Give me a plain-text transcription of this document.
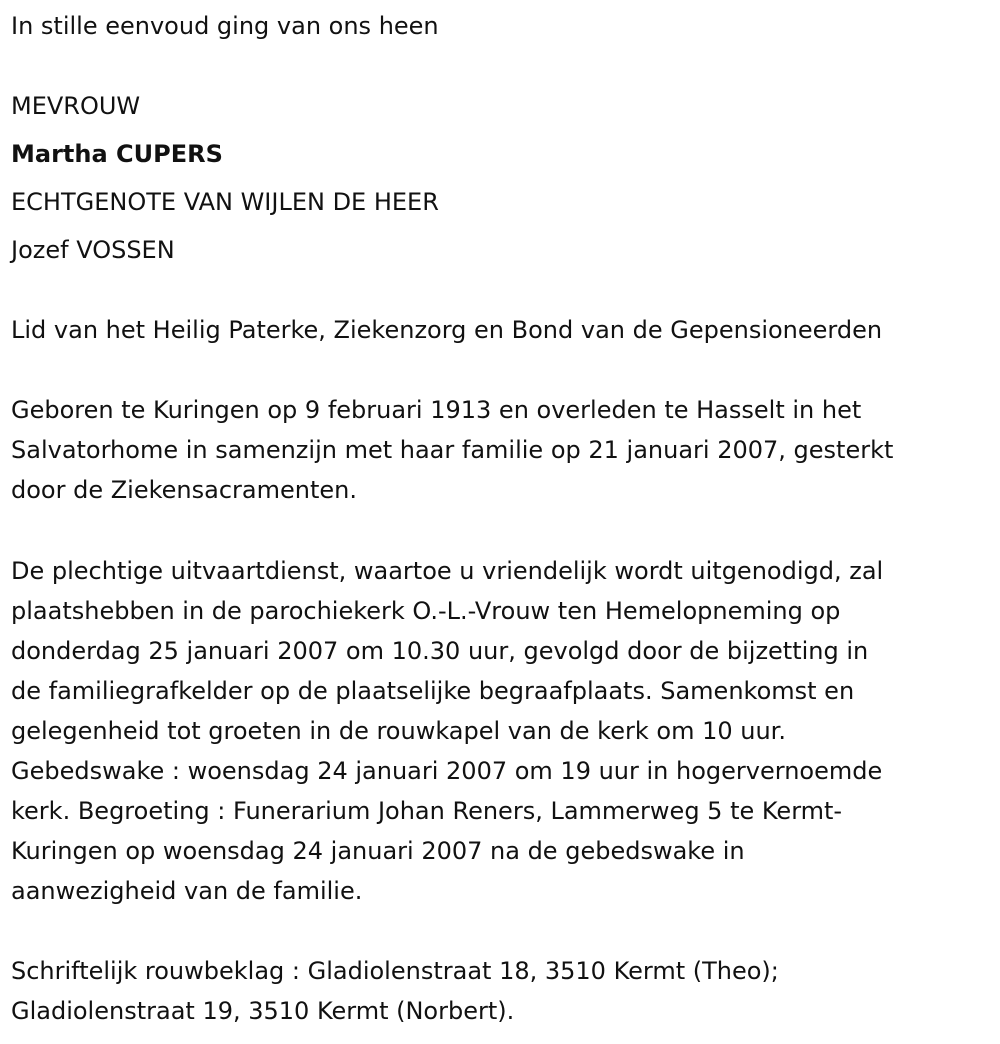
In stille eenvoud ging van ons heen
MEVROUW
Martha CUPERS
ECHTGENOTE VAN WIJLEN DE HEER
Jozef VOSSEN
Lid van het Heilig Paterke, Ziekenzorg en Bond van de Gepensioneerden
Geboren te Kuringen op 9 februari 1913 en overleden te Hasselt in het
Salvatorhome in samenzijn met haar familie op 21 januari 2007, gesterkt
door de Ziekensacramenten.
De plechtige uitvaartdienst, waartoe u vriendelijk wordt uitgenodigd, zal
plaatshebben in de parochiekerk O.-L.-Vrouw ten Hemelopneming op
donderdag 25 januari 2007 om 10.30 uur, gevolgd door de bijzetting in
de familiegrafkelder op de plaatselijke begraafplaats. Samenkomst en
gelegenheid tot groeten in de rouwkapel van de kerk om 10 uur.
Gebedswake : woensdag 24 januari 2007 om 19 uur in hogervernoemde
kerk. Begroeting : Funerarium Johan Reners, Lammerweg 5 te Kermt-
Kuringen op woensdag 24 januari 2007 na de gebedswake in
aanwezigheid van de familie.
Schriftelijk rouwbeklag : Gladiolenstraat 18, 3510 Kermt (Theo);
Gladiolenstraat 19, 3510 Kermt (Norbert).
